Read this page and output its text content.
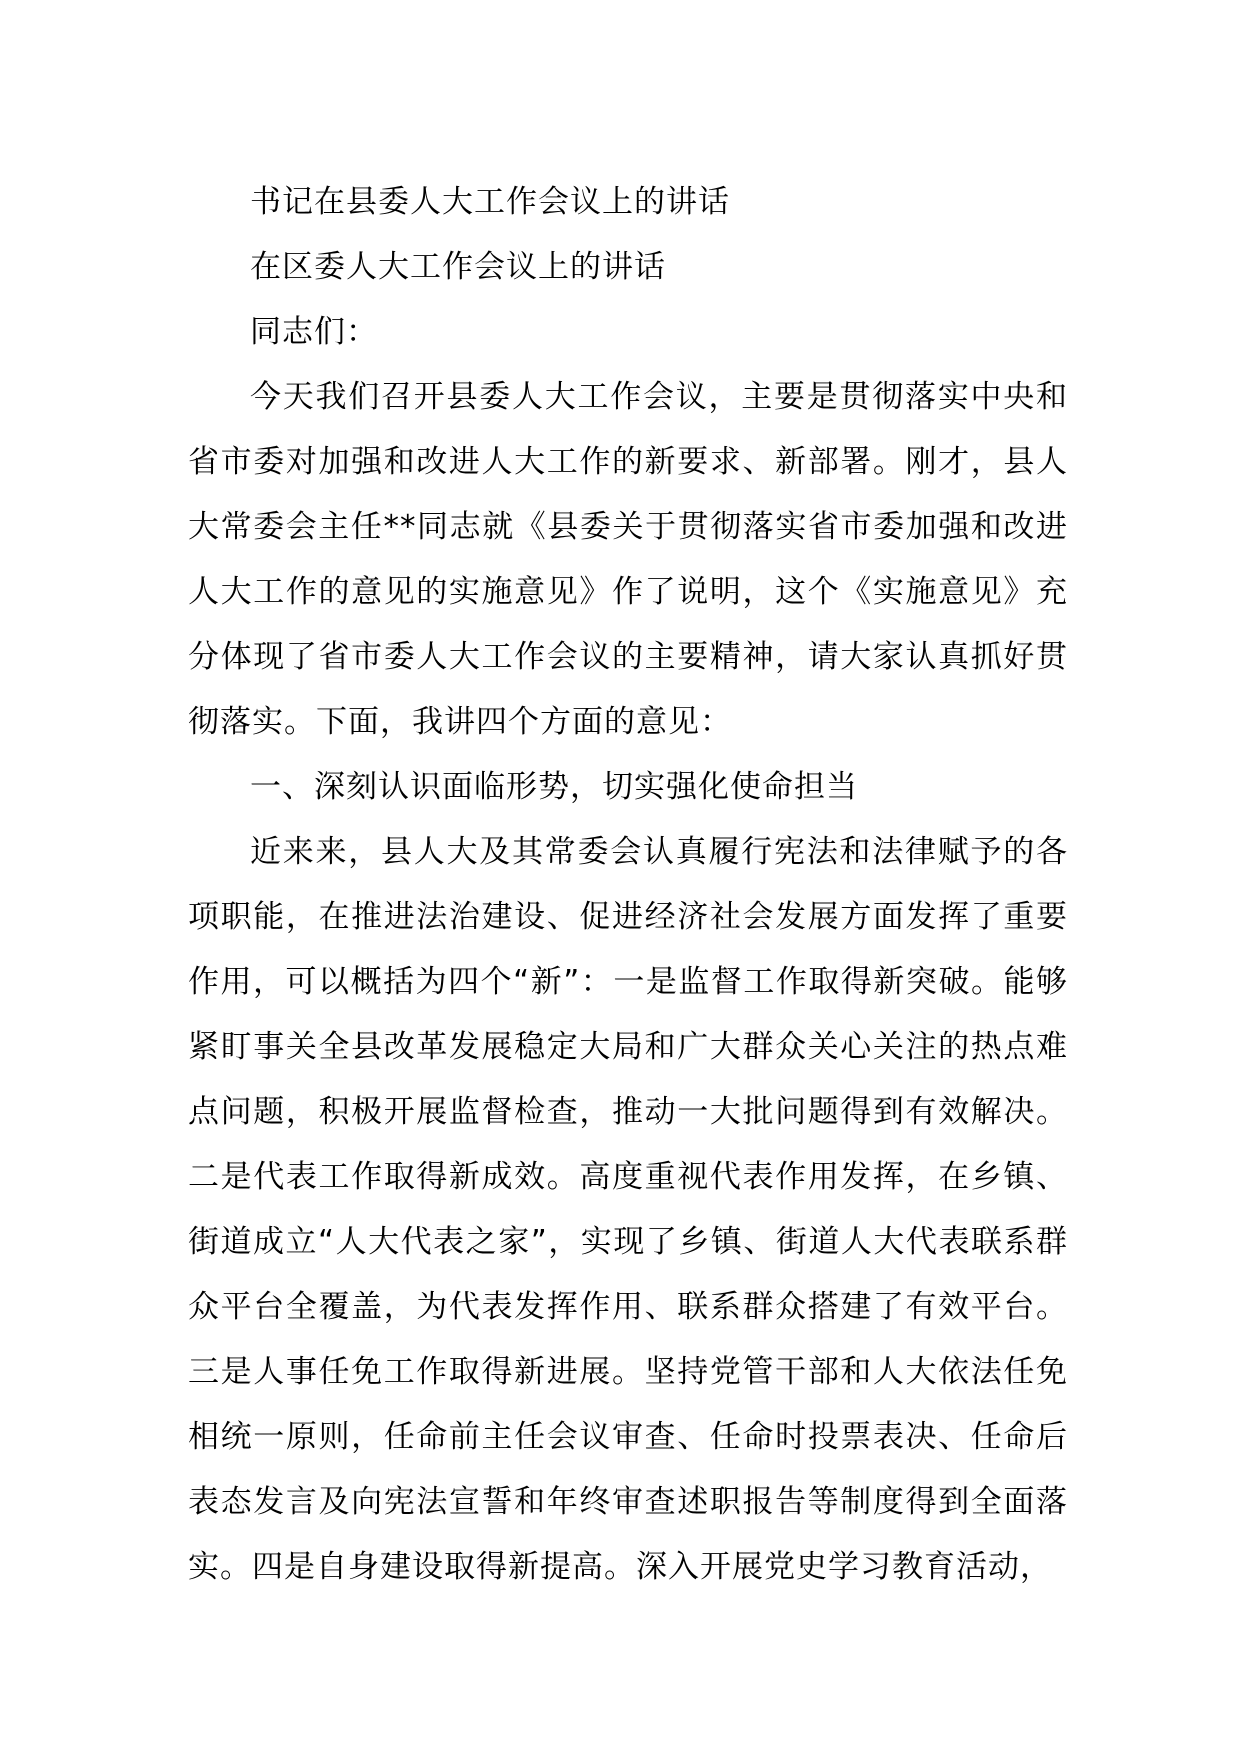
书记在县委人大工作会议上的讲话

在区委人大工作会议上的讲话

同志们：

今天我们召开县委人大工作会议，主要是贯彻落实中央和省市委对加强和改进人大工作的新要求、新部署。刚才，县人大常委会主任**同志就《县委关于贯彻落实省市委加强和改进人大工作的意见的实施意见》作了说明，这个《实施意见》充分体现了省市委人大工作会议的主要精神，请大家认真抓好贯彻落实。下面，我讲四个方面的意见：

一、深刻认识面临形势，切实强化使命担当

近来来，县人大及其常委会认真履行宪法和法律赋予的各项职能，在推进法治建设、促进经济社会发展方面发挥了重要作用，可以概括为四个“新”：一是监督工作取得新突破。能够紧盯事关全县改革发展稳定大局和广大群众关心关注的热点难点问题，积极开展监督检查，推动一大批问题得到有效解决。二是代表工作取得新成效。高度重视代表作用发挥，在乡镇、街道成立“人大代表之家”，实现了乡镇、街道人大代表联系群众平台全覆盖，为代表发挥作用、联系群众搭建了有效平台。三是人事任免工作取得新进展。坚持党管干部和人大依法任免相统一原则，任命前主任会议审查、任命时投票表决、任命后表态发言及向宪法宣誓和年终审查述职报告等制度得到全面落实。四是自身建设取得新提高。深入开展党史学习教育活动，
